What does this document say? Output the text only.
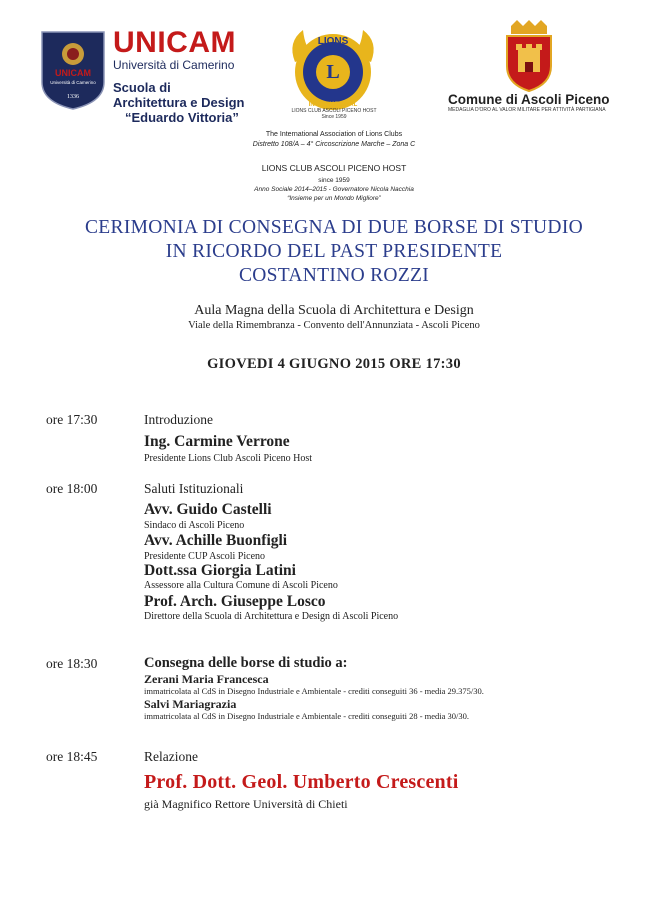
UNICAM
Università di Camerino
1336
UNICAM
Università di Camerino
Scuola di
Architettura e Design
“Eduardo Vittoria”
LIONS
L
INTERNATIONAL
LIONS CLUB ASCOLI PICENO HOST
Since 1959
Comune di Ascoli Piceno
MEDAGLIA D'ORO AL VALOR MILITARE PER ATTIVITÀ PARTIGIANA
The International Association of Lions Clubs
Distretto 108/A – 4° Circoscrizione Marche – Zona C
LIONS CLUB ASCOLI PICENO HOST
since 1959
Anno Sociale 2014–2015 - Governatore Nicola Nacchia
“Insieme per un Mondo Migliore”
CERIMONIA DI CONSEGNA DI DUE BORSE DI STUDIO
IN RICORDO DEL PAST PRESIDENTE
COSTANTINO ROZZI
Aula Magna della Scuola di Architettura e Design
Viale della Rimembranza - Convento dell'Annunziata - Ascoli Piceno
GIOVEDI 4 GIUGNO 2015 ORE 17:30
ore 17:30	Introduzione
Ing. Carmine Verrone
Presidente Lions Club Ascoli Piceno Host
ore 18:00	Saluti Istituzionali
Avv. Guido Castelli
Sindaco di Ascoli Piceno
Avv. Achille Buonfigli
Presidente CUP Ascoli Piceno
Dott.ssa Giorgia Latini
Assessore alla Cultura Comune di Ascoli Piceno
Prof. Arch. Giuseppe Losco
Direttore della Scuola di Architettura e Design di Ascoli Piceno
ore 18:30	Consegna delle borse di studio a:
Zerani Maria Francesca
immatricolata al CdS in Disegno Industriale e Ambientale - crediti conseguiti 36 - media 29.375/30.
Salvi Mariagrazia
immatricolata al CdS in Disegno Industriale e Ambientale - crediti conseguiti 28 - media 30/30.
ore 18:45	Relazione
Prof. Dott. Geol. Umberto Crescenti
già Magnifico Rettore Università di Chieti
